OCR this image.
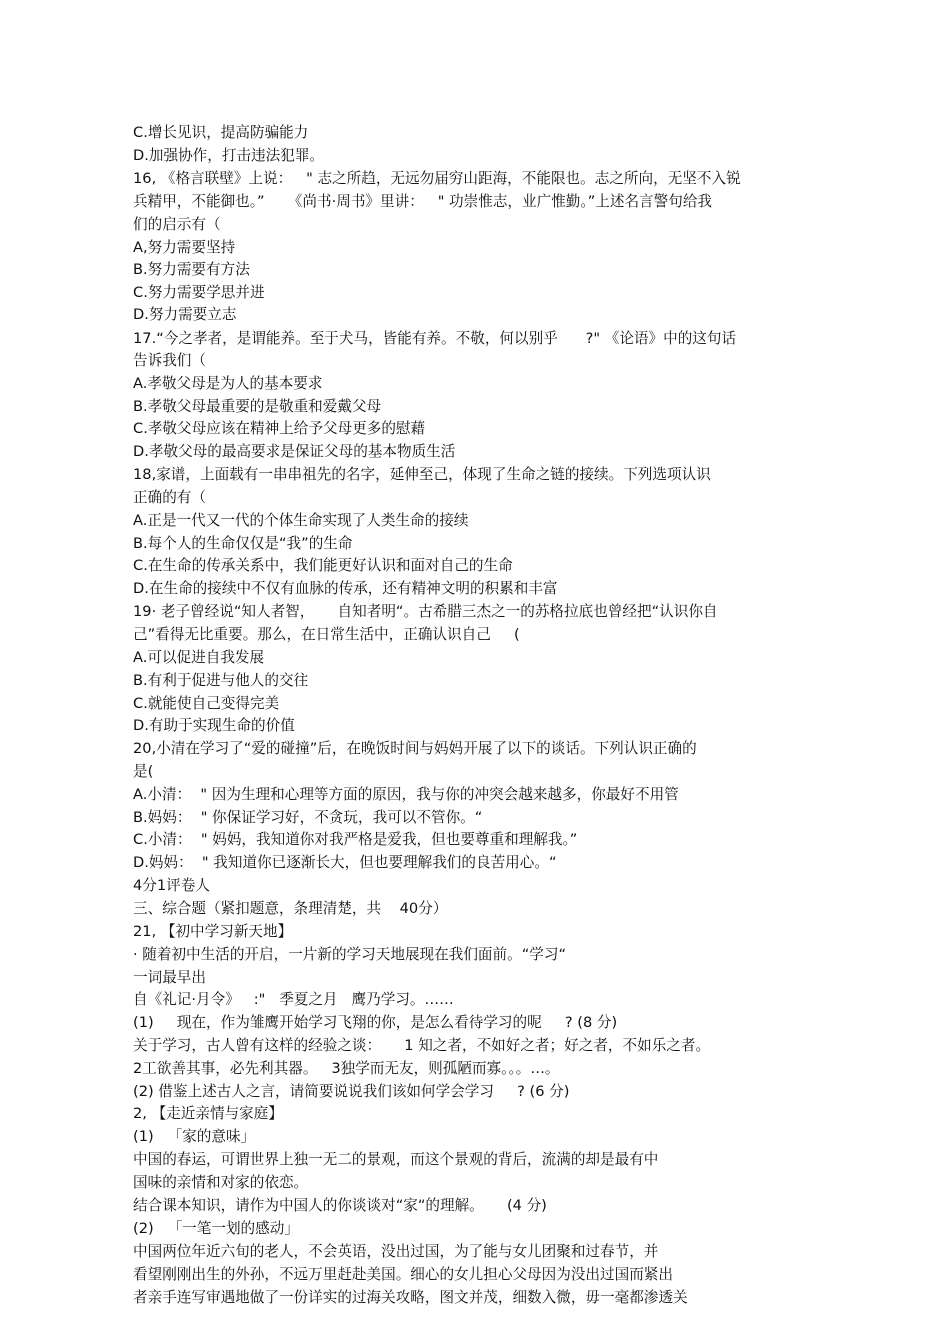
C.增长见识，提高防骗能力
D.加强协作，打击违法犯罪。
16, 《格言联壁》上说：   " 志之所趋，无远勿届穷山距海，不能限也。志之所向，无坚不入锐
兵精甲，不能御也。”     《尚书·周书》里讲：   " 功崇惟志，业广惟勤。”上述名言警句给我
们的启示有（
A,努力需要坚持
B.努力需要有方法
C.努力需要学思并进
D.努力需要立志
17.“今之孝者，是谓能养。至于犬马，皆能有养。不敬，何以别乎      ?" 《论语》中的这句话
告诉我们（
A.孝敬父母是为人的基本要求
B.孝敬父母最重要的是敬重和爱戴父母
C.孝敬父母应该在精神上给予父母更多的慰藉
D.孝敬父母的最高要求是保证父母的基本物质生活
18,家谱，上面载有一串串祖先的名字，延伸至己，体现了生命之链的接续。下列选项认识
正确的有（
A.正是一代又一代的个体生命实现了人类生命的接续
B.每个人的生命仅仅是“我”的生命
C.在生命的传承关系中，我们能更好认识和面对自己的生命
D.在生命的接续中不仅有血脉的传承，还有精神文明的积累和丰富
19· 老子曾经说“知人者智，     自知者明“。古希腊三杰之一的苏格拉底也曾经把“认识你自
己”看得无比重要。那么，在日常生活中，正确认识自己     (
A.可以促进自我发展
B.有利于促进与他人的交往
C.就能使自己变得完美
D.有助于实现生命的价值
20,小清在学习了“爱的碰撞”后，在晚饭时间与妈妈开展了以下的谈话。下列认识正确的
是(
A.小清：  " 因为生理和心理等方面的原因，我与你的冲突会越来越多，你最好不用管
B.妈妈：  " 你保证学习好，不贪玩，我可以不管你。“
C.小清：  " 妈妈，我知道你对我严格是爱我，但也要尊重和理解我。”
D.妈妈：  " 我知道你已逐渐长大，但也要理解我们的良苦用心。“
4分1评卷人
三、综合题（紧扣题意，条理清楚，共    40分）
21, 【初中学习新天地】
· 随着初中生活的开启，一片新的学习天地展现在我们面前。“学习“
一词最早出
自《礼记·月令》   :"   季夏之月   鹰乃学习。……
(1)     现在，作为雏鹰开始学习飞翔的你，是怎么看待学习的呢     ? (8 分)
关于学习，古人曾有这样的经验之谈：     1 知之者，不如好之者；好之者，不如乐之者。
2工欲善其事，必先利其器。   3独学而无友，则孤陋而寡。。。…。
(2) 借鉴上述古人之言，请简要说说我们该如何学会学习     ? (6 分)
2, 【走近亲情与家庭】
(1)   「家的意味」
中国的春运，可谓世界上独一无二的景观，而这个景观的背后，流满的却是最有中
国味的亲情和对家的依恋。
结合课本知识，请作为中国人的你谈谈对“家“的理解。     (4 分)
(2)   「一笔一划的感动」
中国两位年近六旬的老人，不会英语，没出过国，为了能与女儿团聚和过春节，并
看望刚刚出生的外孙，不远万里赶赴美国。细心的女儿担心父母因为没出过国而紧出
者亲手连写审遇地做了一份详实的过海关攻略，图文并茂，细数入微，毋一毫都渗透关
